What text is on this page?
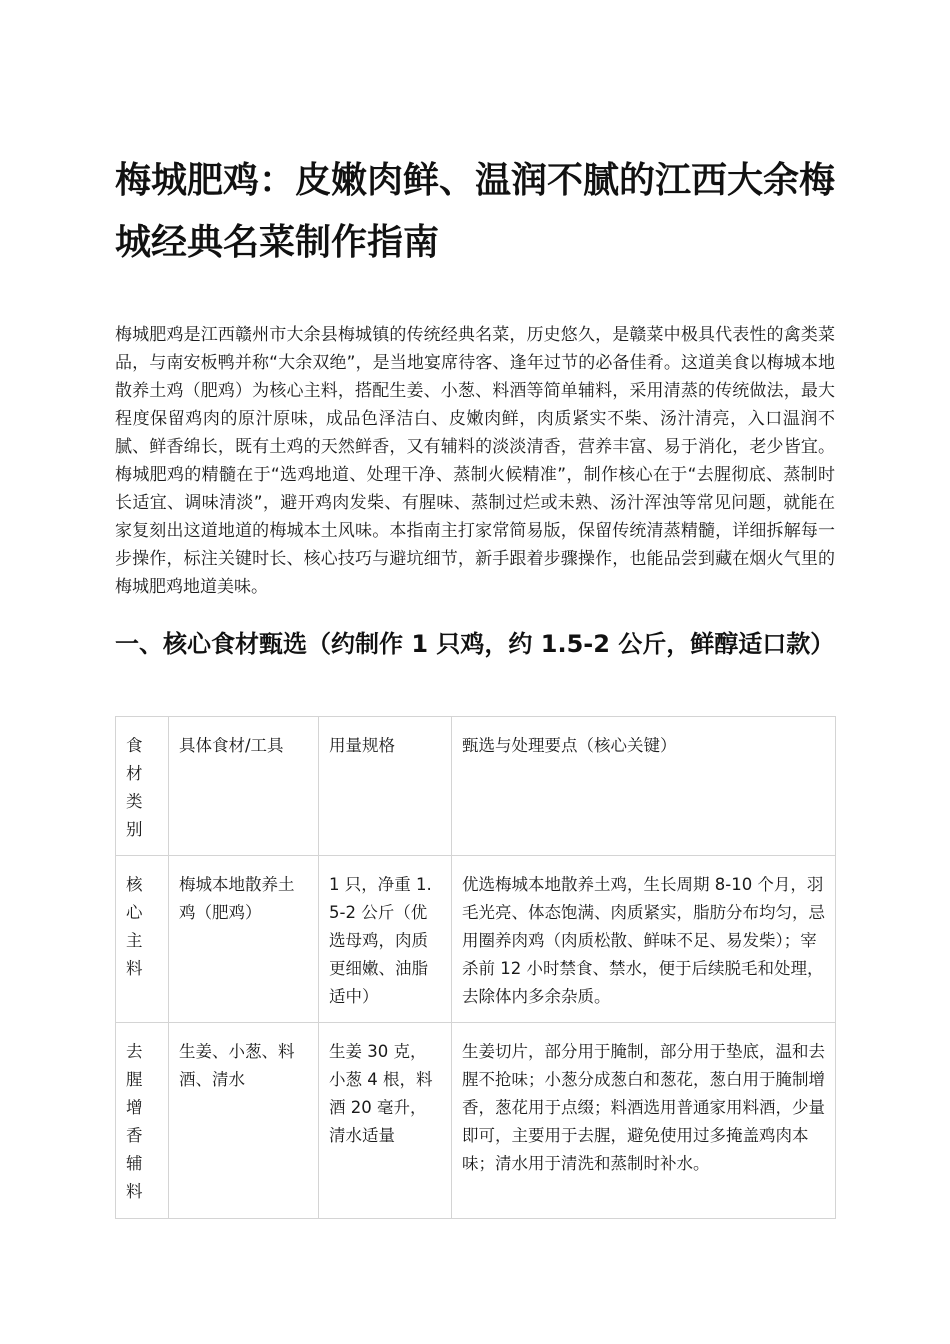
梅城肥鸡：皮嫩肉鲜、温润不腻的江西大余梅城经典名菜制作指南

梅城肥鸡是江西赣州市大余县梅城镇的传统经典名菜，历史悠久，是赣菜中极具代表性的禽类菜品，与南安板鸭并称“大余双绝”，是当地宴席待客、逢年过节的必备佳肴。这道美食以梅城本地散养土鸡（肥鸡）为核心主料，搭配生姜、小葱、料酒等简单辅料，采用清蒸的传统做法，最大程度保留鸡肉的原汁原味，成品色泽洁白、皮嫩肉鲜，肉质紧实不柴、汤汁清亮，入口温润不腻、鲜香绵长，既有土鸡的天然鲜香，又有辅料的淡淡清香，营养丰富、易于消化，老少皆宜。梅城肥鸡的精髓在于“选鸡地道、处理干净、蒸制火候精准”，制作核心在于“去腥彻底、蒸制时长适宜、调味清淡”，避开鸡肉发柴、有腥味、蒸制过烂或未熟、汤汁浑浊等常见问题，就能在家复刻出这道地道的梅城本土风味。本指南主打家常简易版，保留传统清蒸精髓，详细拆解每一步操作，标注关键时长、核心技巧与避坑细节，新手跟着步骤操作，也能品尝到藏在烟火气里的梅城肥鸡地道美味。

一、核心食材甄选（约制作 1 只鸡，约 1.5-2 公斤，鲜醇适口款）
食材类别	具体食材/工具	用量规格	甄选与处理要点（核心关键）
核心主料	梅城本地散养土鸡（肥鸡）	1 只，净重 1.5-2 公斤（优选母鸡，肉质更细嫩、油脂适中）	优选梅城本地散养土鸡，生长周期 8-10 个月，羽毛光亮、体态饱满、肉质紧实，脂肪分布均匀，忌用圈养肉鸡（肉质松散、鲜味不足、易发柴）；宰杀前 12 小时禁食、禁水，便于后续脱毛和处理，去除体内多余杂质。
去腥增香辅料	生姜、小葱、料酒、清水	生姜 30 克，小葱 4 根，料酒 20 毫升，清水适量	生姜切片，部分用于腌制，部分用于垫底，温和去腥不抢味；小葱分成葱白和葱花，葱白用于腌制增香，葱花用于点缀；料酒选用普通家用料酒，少量即可，主要用于去腥，避免使用过多掩盖鸡肉本味；清水用于清洗和蒸制时补水。
